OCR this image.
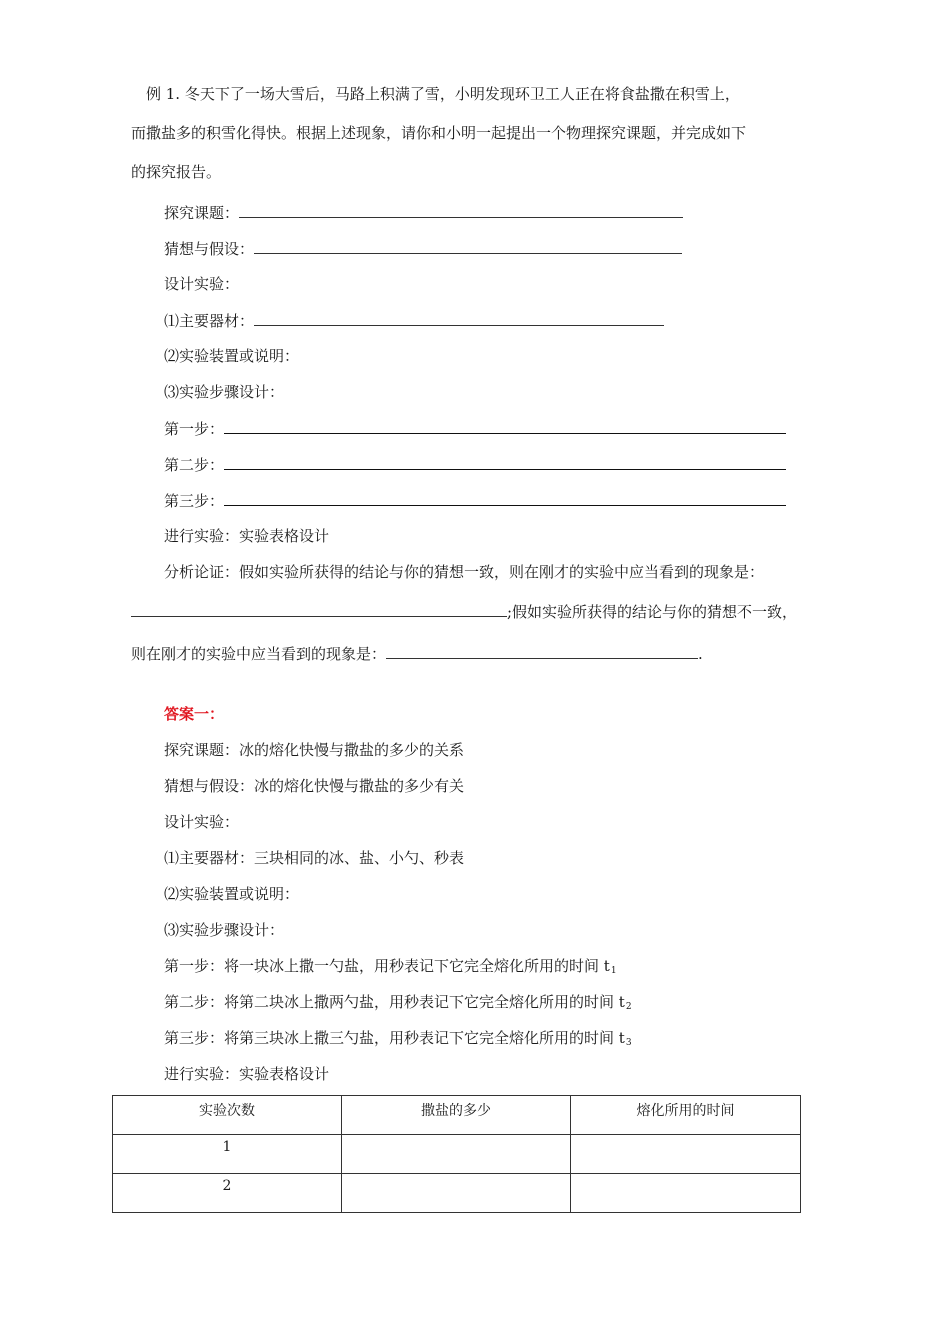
例 1. 冬天下了一场大雪后，马路上积满了雪，小明发现环卫工人正在将食盐撒在积雪上，
而撒盐多的积雪化得快。根据上述现象，请你和小明一起提出一个物理探究课题，并完成如下
的探究报告。
探究课题：
猜想与假设：
设计实验：
⑴主要器材：
⑵实验装置或说明：
⑶实验步骤设计：
第一步：
第二步：
第三步：
进行实验：实验表格设计
分析论证：假如实验所获得的结论与你的猜想一致，则在刚才的实验中应当看到的现象是：
;假如实验所获得的结论与你的猜想不一致，
则在刚才的实验中应当看到的现象是：	.
答案一：
探究课题：冰的熔化快慢与撒盐的多少的关系
猜想与假设：冰的熔化快慢与撒盐的多少有关
设计实验：
⑴主要器材：三块相同的冰、盐、小勺、秒表
⑵实验装置或说明：
⑶实验步骤设计：
第一步：将一块冰上撒一勺盐，用秒表记下它完全熔化所用的时间 $t_1$
第二步：将第二块冰上撒两勺盐，用秒表记下它完全熔化所用的时间 $t_2$
第三步：将第三块冰上撒三勺盐，用秒表记下它完全熔化所用的时间 $t_3$
进行实验：实验表格设计
实验次数	撒盐的多少	熔化所用的时间
1		
2		
